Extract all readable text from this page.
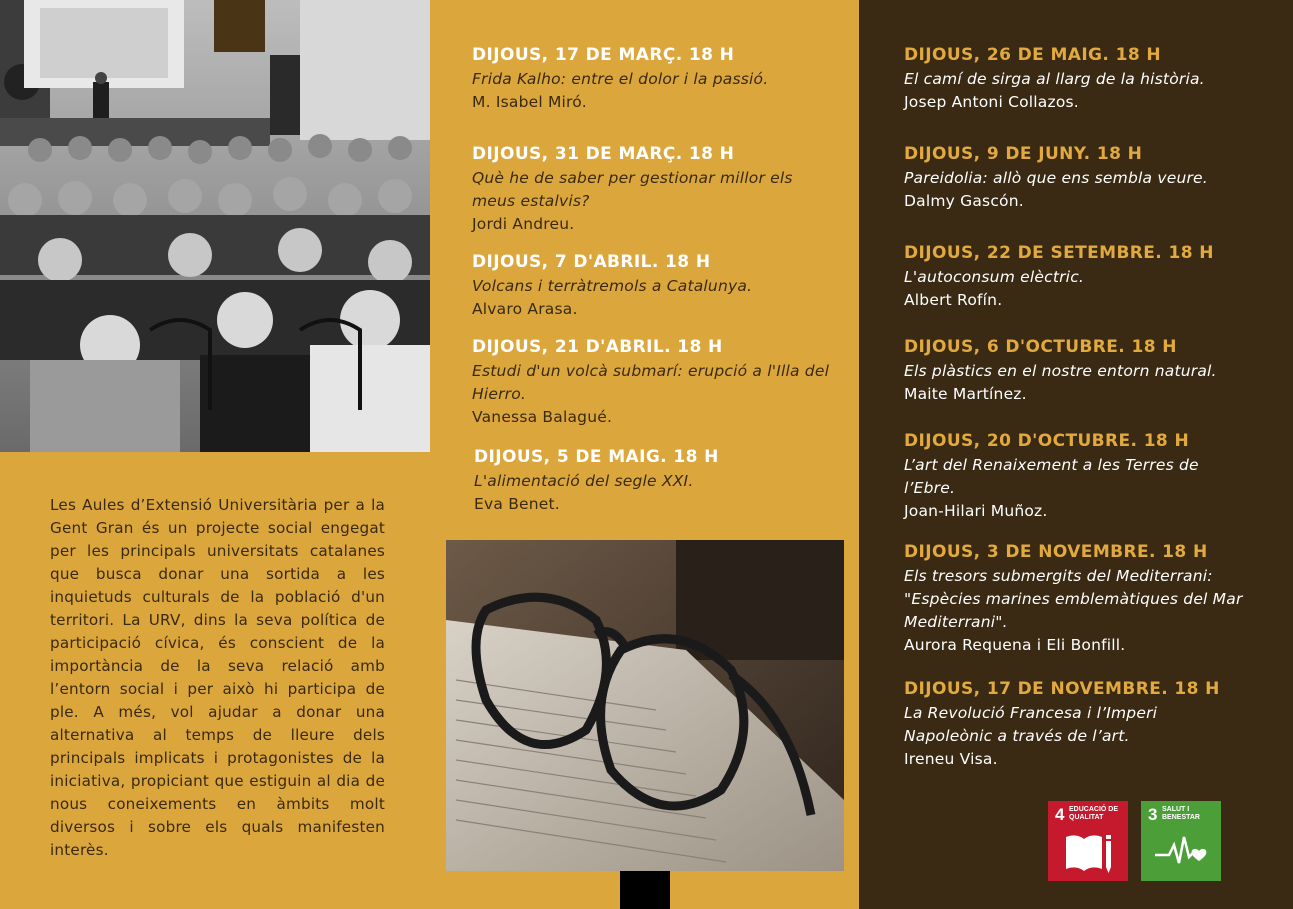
Les Aules d’Extensió Universitària per a la Gent Gran és un projecte social engegat per les principals universitats catalanes que busca donar una sortida a les inquietuds culturals de la població d'un territori. La URV, dins la seva política de participació cívica, és conscient de la importància de la seva relació amb l’entorn social i per això hi participa de ple. A més, vol ajudar a donar una alternativa al temps de lleure dels principals implicats i protagonistes de la iniciativa, propiciant que estiguin al dia de nous coneixements en àmbits molt diversos i sobre els quals manifesten interès.

DIJOUS, 17 DE MARÇ. 18 H

Frida Kalho: entre el dolor i la passió.

M. Isabel Miró.

DIJOUS, 31 DE MARÇ. 18 H

Què he de saber per gestionar millor els meus estalvis?

Jordi Andreu.

DIJOUS, 7 D'ABRIL. 18 H

Volcans i terràtremols a Catalunya.

Alvaro Arasa.

DIJOUS, 21 D'ABRIL. 18 H

Estudi d'un volcà submarí: erupció a l'Illa del Hierro.

Vanessa Balagué.

DIJOUS, 5 DE MAIG. 18 H

L'alimentació del segle XXI.

Eva Benet.

DIJOUS, 26 DE MAIG. 18 H

El camí de sirga al llarg de la història.

Josep Antoni Collazos.

DIJOUS, 9 DE JUNY. 18 H

Pareidolia: allò que ens sembla veure.

Dalmy Gascón.

DIJOUS, 22 DE SETEMBRE. 18 H

L'autoconsum elèctric.

Albert Rofín.

DIJOUS, 6 D'OCTUBRE. 18 H

Els plàstics en el nostre entorn natural.

Maite Martínez.

DIJOUS, 20 D'OCTUBRE. 18 H

L’art del Renaixement a les Terres de l’Ebre.

Joan-Hilari Muñoz.

DIJOUS, 3 DE NOVEMBRE. 18 H

Els tresors submergits del Mediterrani: "Espècies marines emblemàtiques del Mar Mediterrani".

Aurora Requena i Eli Bonfill.

DIJOUS, 17 DE NOVEMBRE. 18 H

La Revolució Francesa i l’Imperi Napoleònic a través de l’art.

Ireneu Visa.

4 EDUCACIÓ DE QUALITAT	3 SALUT I BENESTAR
